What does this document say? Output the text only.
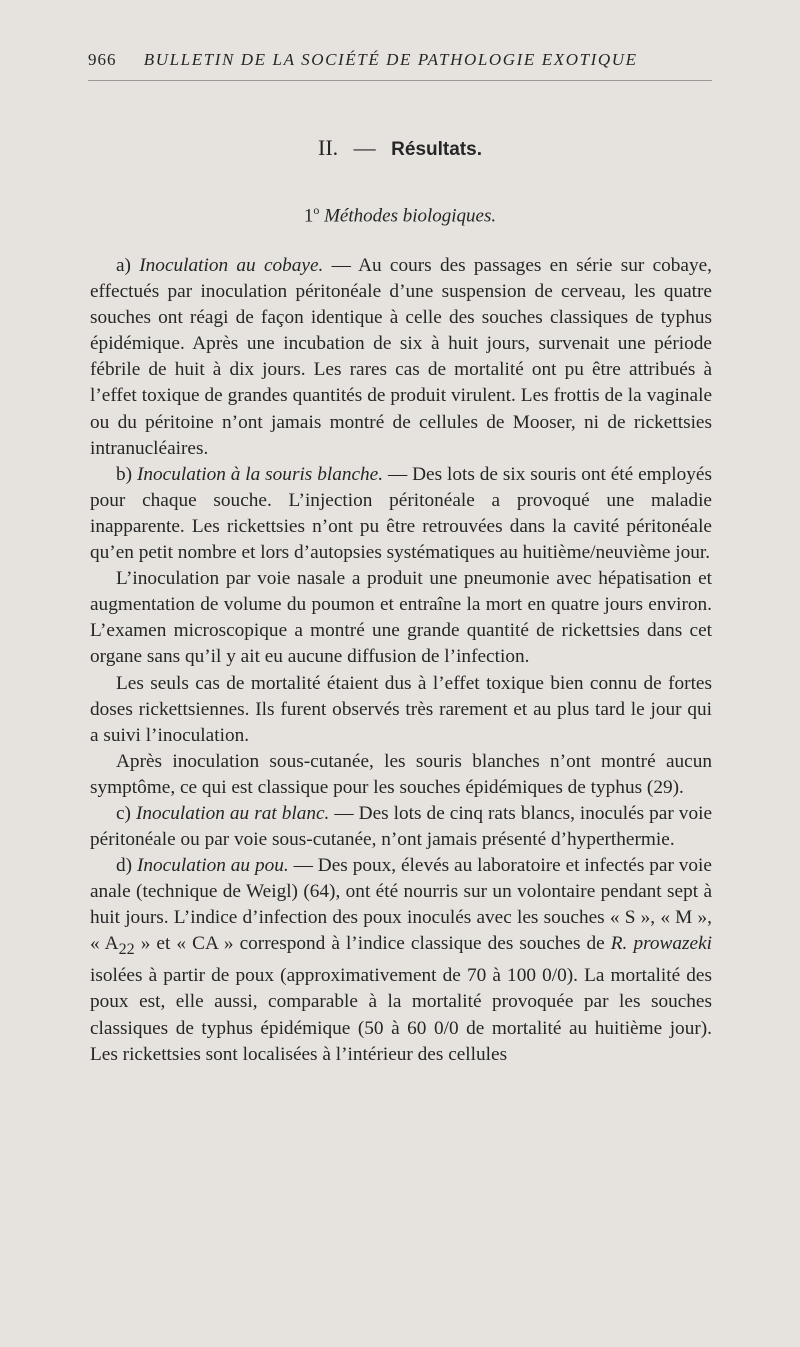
966 BULLETIN DE LA SOCIÉTÉ DE PATHOLOGIE EXOTIQUE
II. — Résultats.
1$^o$ Méthodes biologiques.

a) Inoculation au cobaye. — Au cours des passages en série sur cobaye, effectués par inoculation péritonéale d’une suspension de cerveau, les quatre souches ont réagi de façon identique à celle des souches classiques de typhus épidémique. Après une incubation de six à huit jours, survenait une période fébrile de huit à dix jours. Les rares cas de mortalité ont pu être attribués à l’effet toxique de grandes quantités de produit virulent. Les frottis de la vaginale ou du péritoine n’ont jamais montré de cellules de Mooser, ni de rickettsies intranucléaires.

b) Inoculation à la souris blanche. — Des lots de six souris ont été employés pour chaque souche. L’injection péritonéale a provoqué une maladie inapparente. Les rickettsies n’ont pu être retrouvées dans la cavité péritonéale qu’en petit nombre et lors d’autopsies systématiques au huitième/neuvième jour.

L’inoculation par voie nasale a produit une pneumonie avec hépatisation et augmentation de volume du poumon et entraîne la mort en quatre jours environ. L’examen microscopique a montré une grande quantité de rickettsies dans cet organe sans qu’il y ait eu aucune diffusion de l’infection.

Les seuls cas de mortalité étaient dus à l’effet toxique bien connu de fortes doses rickettsiennes. Ils furent observés très rarement et au plus tard le jour qui a suivi l’inoculation.

Après inoculation sous-cutanée, les souris blanches n’ont montré aucun symptôme, ce qui est classique pour les souches épidémiques de typhus (29).

c) Inoculation au rat blanc. — Des lots de cinq rats blancs, inoculés par voie péritonéale ou par voie sous-cutanée, n’ont jamais présenté d’hyperthermie.

d) Inoculation au pou. — Des poux, élevés au laboratoire et infectés par voie anale (technique de Weigl) (64), ont été nourris sur un volontaire pendant sept à huit jours. L’indice d’infection des poux inoculés avec les souches « S », « M », « $A_{22}$ » et « CA » correspond à l’indice classique des souches de R. prowazeki isolées à partir de poux (approximativement de 70 à 100 0/0). La mortalité des poux est, elle aussi, comparable à la mortalité provoquée par les souches classiques de typhus épidémique (50 à 60 0/0 de mortalité au huitième jour). Les rickettsies sont localisées à l’intérieur des cellules
